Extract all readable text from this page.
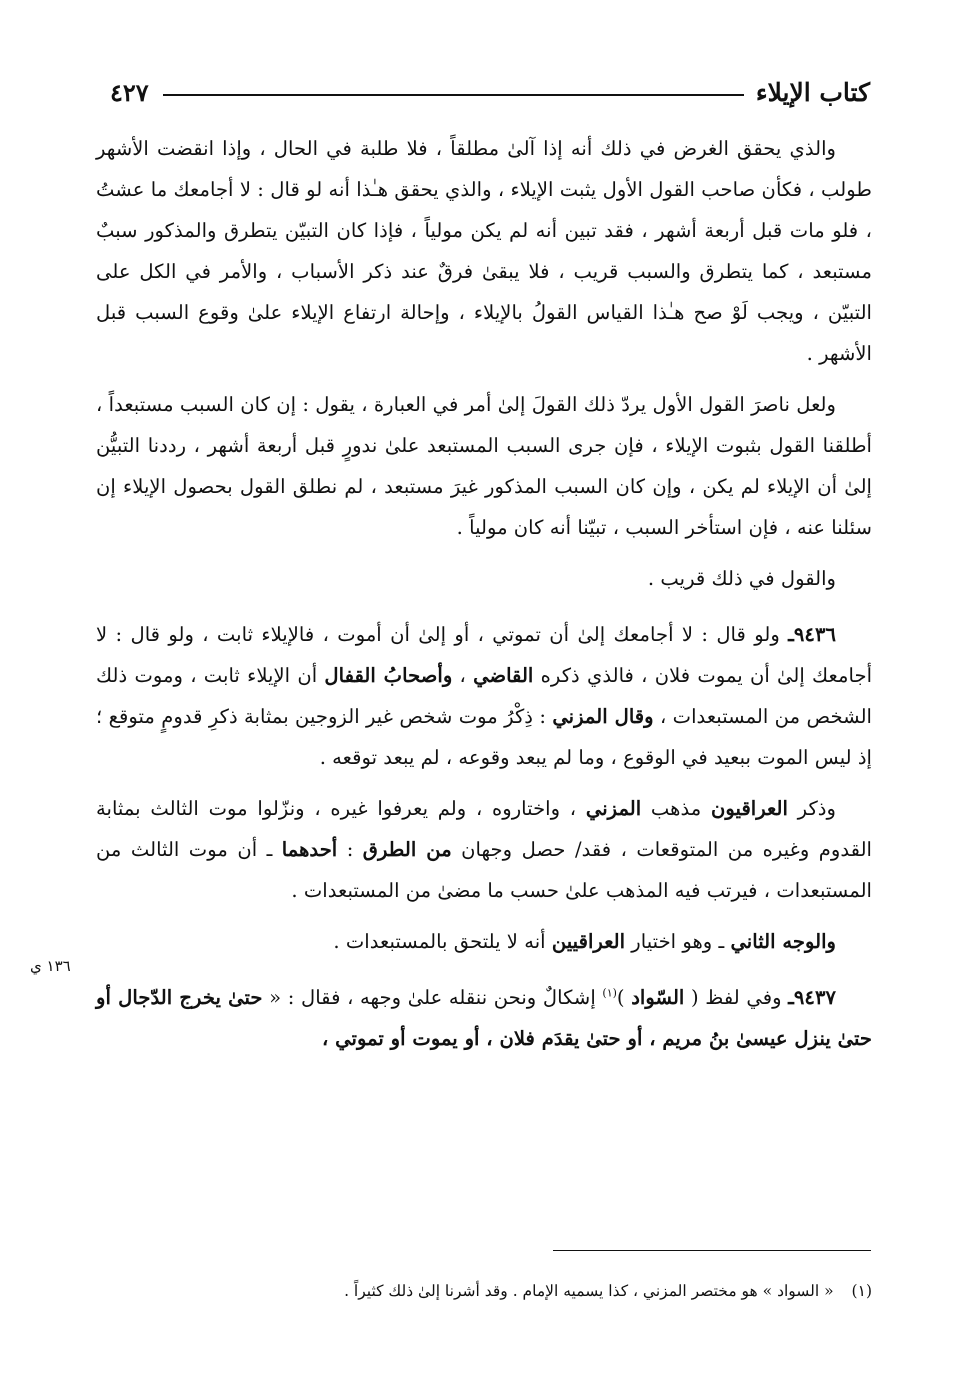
كتاب الإيلاء
٤٢٧

والذي يحقق الغرض في ذلك أنه إذا آلىٰ مطلقاً ، فلا طلبة في الحال ، وإذا انقضت الأشهر طولب ، فكأن صاحب القول الأول يثبت الإيلاء ، والذي يحقق هـٰذا أنه لو قال : لا أجامعك ما عشتُ ، فلو مات قبل أربعة أشهر ، فقد تبين أنه لم يكن مولياً ، فإذا كان التبيّن يتطرق والمذكور سببٌ مستبعد ، كما يتطرق والسبب قريب ، فلا يبقىٰ فرقٌ عند ذكر الأسباب ، والأمر في الكل على التبيّن ، ويجب لَوْ صح هـٰذا القياس القولُ بالإيلاء ، وإحالة ارتفاع الإيلاء علىٰ وقوع السبب قبل الأشهر .

ولعل ناصرَ القول الأول يردّ ذلك القولَ إلىٰ أمر في العبارة ، يقول : إن كان السبب مستبعداً ، أطلقنا القول بثبوت الإيلاء ، فإن جرى السبب المستبعد علىٰ ندورٍ قبل أربعة أشهر ، رددنا التبيُّن إلىٰ أن الإيلاء لم يكن ، وإن كان السبب المذكور غيرَ مستبعد ، لم نطلق القول بحصول الإيلاء إن سئلنا عنه ، فإن استأخر السبب ، تبيّنا أنه كان مولياً .

والقول في ذلك قريب .

٩٤٣٦ـ ولو قال : لا أجامعك إلىٰ أن تموتي ، أو إلىٰ أن أموت ، فالإيلاء ثابت ، ولو قال : لا أجامعك إلىٰ أن يموت فلان ، فالذي ذكره القاضي ، وأصحابُ القفال أن الإيلاء ثابت ، وموت ذلك الشخص من المستبعدات ، وقال المزني : ذِكْرُ موت شخص غير الزوجين بمثابة ذكرِ قدومٍ متوقع ؛ إذ ليس الموت ببعيد في الوقوع ، وما لم يبعد وقوعه ، لم يبعد توقعه .

وذكر العراقيون مذهب المزني ، واختاروه ، ولم يعرفوا غيره ، ونزّلوا موت الثالث بمثابة القدوم وغيره من المتوقعات ، فقد/ حصل وجهان من الطرق : أحدهما ـ أن موت الثالث من المستبعدات ، فيرتب فيه المذهب علىٰ حسب ما مضىٰ من المستبعدات .

والوجه الثاني ـ وهو اختيار العراقيين أنه لا يلتحق بالمستبعدات .

٩٤٣٧ـ وفي لفظ ( السّواد )$^{(١)}$ إشكالٌ ونحن ننقله علىٰ وجهه ، فقال : « حتىٰ يخرج الدّجال أو حتىٰ ينزل عيسىٰ بنُ مريم ، أو حتىٰ يقدَم فلان ، أو يموت أو تموتي ،

١٣٦ ي
(١)« السواد » هو مختصر المزني ، كذا يسميه الإمام . وقد أشرنا إلىٰ ذلك كثيراً .
